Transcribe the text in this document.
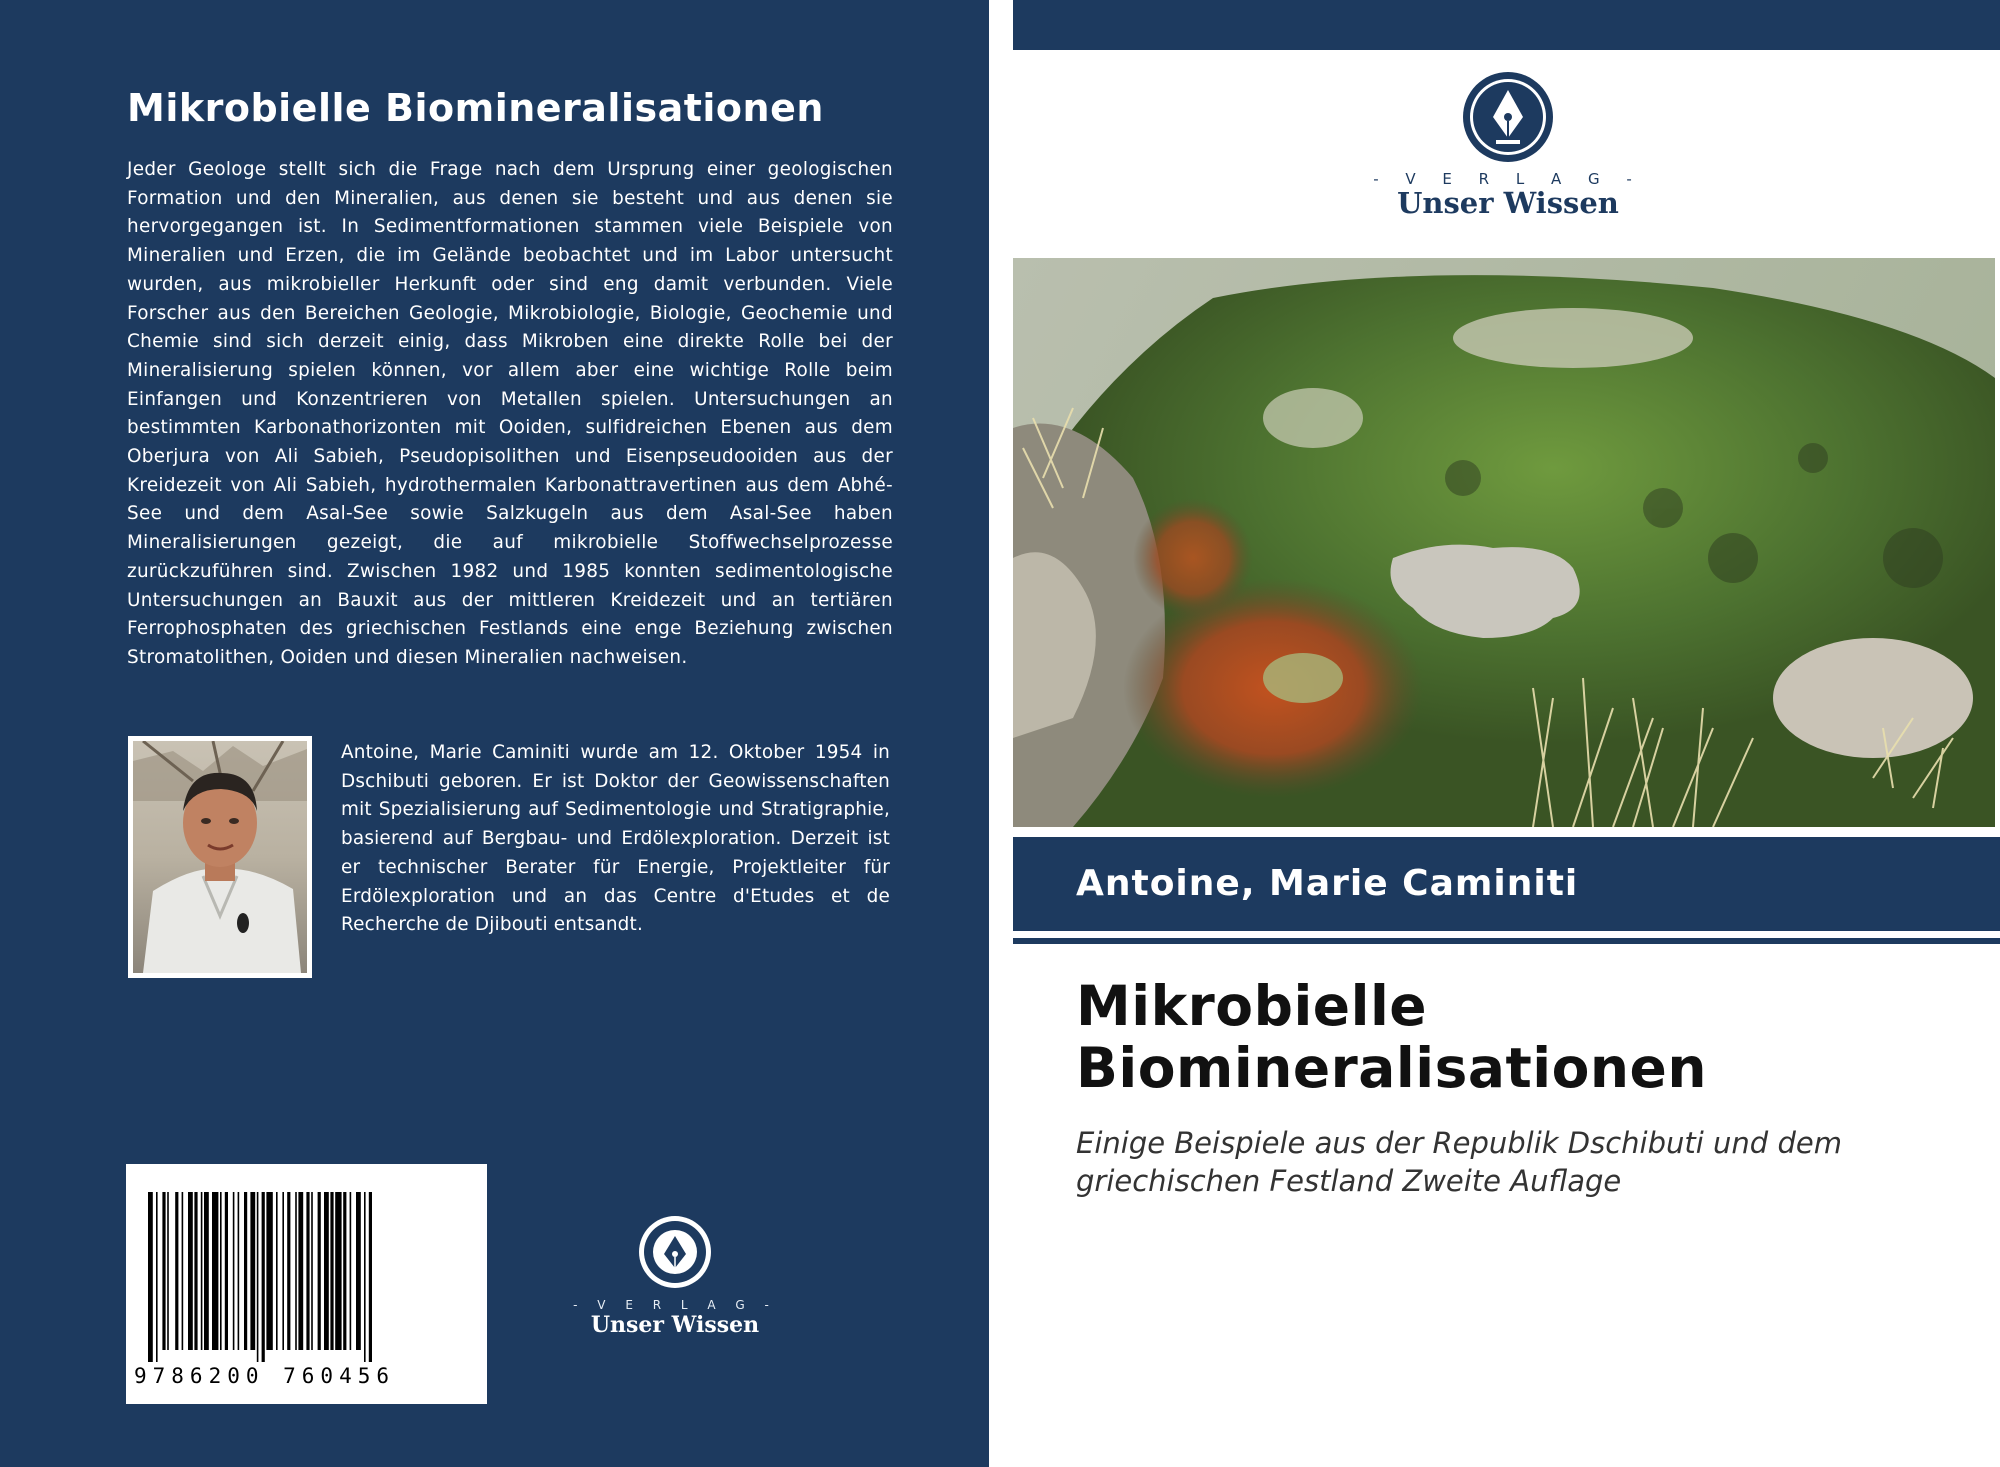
Mikrobielle Biomineralisationen
Jeder Geologe stellt sich die Frage nach dem Ursprung einer geologischen Formation und den Mineralien, aus denen sie besteht und aus denen sie hervorgegangen ist. In Sedimentformationen stammen viele Beispiele von Mineralien und Erzen, die im Gelände beobachtet und im Labor untersucht wurden, aus mikrobieller Herkunft oder sind eng damit verbunden. Viele Forscher aus den Bereichen Geologie, Mikrobiologie, Biologie, Geochemie und Chemie sind sich derzeit einig, dass Mikroben eine direkte Rolle bei der Mineralisierung spielen können, vor allem aber eine wichtige Rolle beim Einfangen und Konzentrieren von Metallen spielen. Untersuchungen an bestimmten Karbonathorizonten mit Ooiden, sulfidreichen Ebenen aus dem Oberjura von Ali Sabieh, Pseudopisolithen und Eisenpseudooiden aus der Kreidezeit von Ali Sabieh, hydrothermalen Karbonattravertinen aus dem Abhé-See und dem Asal-See sowie Salzkugeln aus dem Asal-See haben Mineralisierungen gezeigt, die auf mikrobielle Stoffwechselprozesse zurückzuführen sind. Zwischen 1982 und 1985 konnten sedimentologische Untersuchungen an Bauxit aus der mittleren Kreidezeit und an tertiären Ferrophosphaten des griechischen Festlands eine enge Beziehung zwischen Stromatolithen, Ooiden und diesen Mineralien nachweisen.
Antoine, Marie Caminiti wurde am 12. Oktober 1954 in Dschibuti geboren. Er ist Doktor der Geowissenschaften mit Spezialisierung auf Sedimentologie und Stratigraphie, basierend auf Bergbau- und Erdölexploration. Derzeit ist er technischer Berater für Energie, Projektleiter für Erdölexploration und an das Centre d'Etudes et de Recherche de Djibouti entsandt.
9786200 760456
- V E R L A G -
Unser Wissen
- V E R L A G -
Unser Wissen
Antoine, Marie Caminiti
Mikrobielle Biomineralisationen
Einige Beispiele aus der Republik Dschibuti und dem griechischen Festland Zweite Auflage
